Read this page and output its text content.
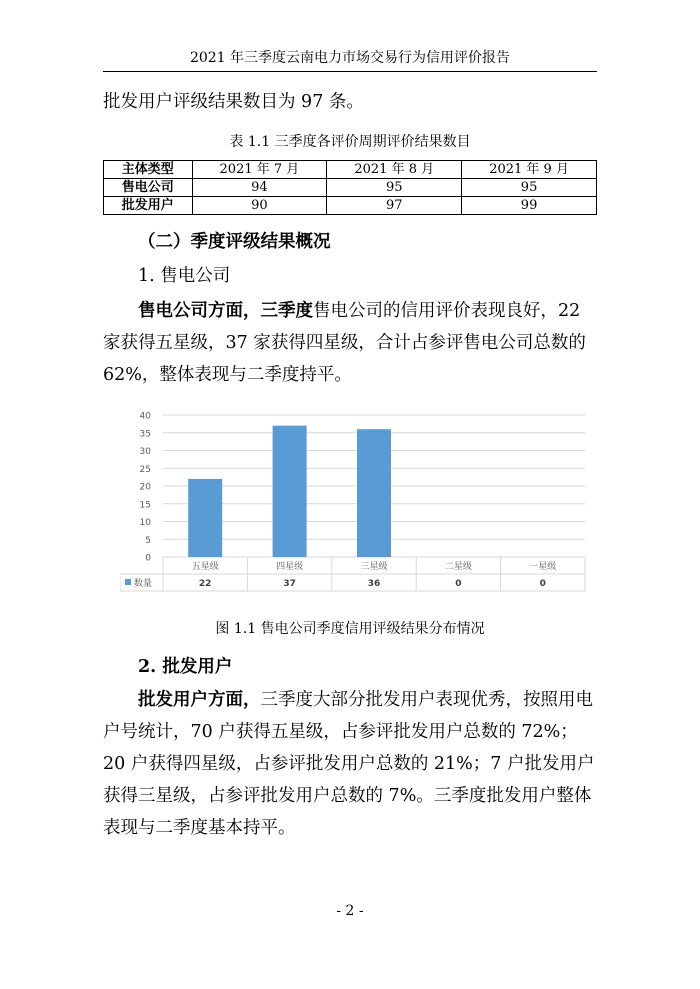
2021 年三季度云南电力市场交易行为信用评价报告

批发用户评级结果数目为 97 条。

表 1.1 三季度各评价周期评价结果数目
主体类型	2021 年 7 月	2021 年 8 月	2021 年 9 月
售电公司	94	95	95
批发用户	90	97	99
（二）季度评级结果概况
1. 售电公司

售电公司方面，三季度售电公司的信用评价表现良好，22 家获得五星级，37 家获得四星级，合计占参评售电公司总数的 62%，整体表现与二季度持平。

0
5
10
15
20
25
30
35
40
五星级	四星级	三星级	二星级	一星级
数量	22	37	36	0	0
图 1.1 售电公司季度信用评级结果分布情况
2. 批发用户

批发用户方面，三季度大部分批发用户表现优秀，按照用电户号统计，70 户获得五星级，占参评批发用户总数的 72%；20 户获得四星级，占参评批发用户总数的 21%；7 户批发用户获得三星级，占参评批发用户总数的 7%。三季度批发用户整体表现与二季度基本持平。

- 2 -
